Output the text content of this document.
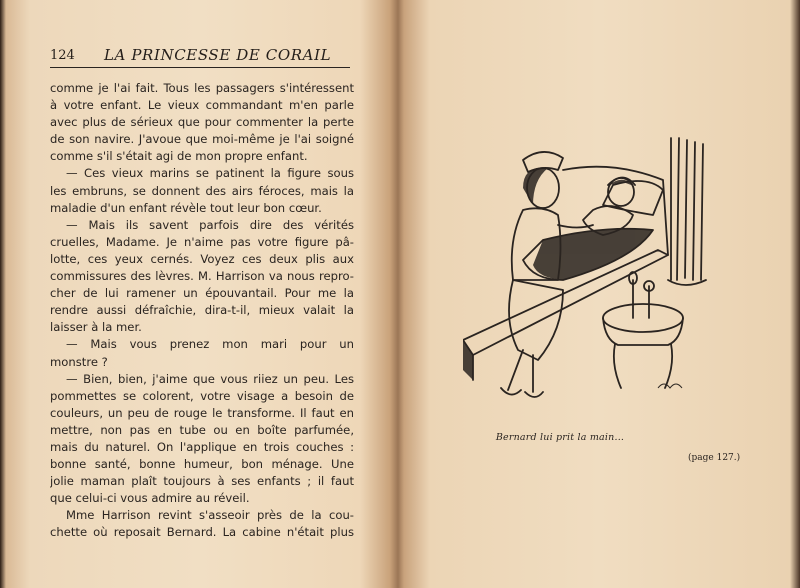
124 LA PRINCESSE DE CORAIL
comme je l'ai fait. Tous les passagers s'intéressent
à votre enfant. Le vieux commandant m'en parle
avec plus de sérieux que pour commenter la perte
de son navire. J'avoue que moi-même je l'ai soigné
comme s'il s'était agi de mon propre enfant.
— Ces vieux marins se patinent la figure sous
les embruns, se donnent des airs féroces, mais la
maladie d'un enfant révèle tout leur bon cœur.
— Mais ils savent parfois dire des vérités
cruelles, Madame. Je n'aime pas votre figure pâ-
lotte, ces yeux cernés. Voyez ces deux plis aux
commissures des lèvres. M. Harrison va nous repro-
cher de lui ramener un épouvantail. Pour me la
rendre aussi défraîchie, dira-t-il, mieux valait la
laisser à la mer.
— Mais vous prenez mon mari pour un
monstre ?
— Bien, bien, j'aime que vous riiez un peu. Les
pommettes se colorent, votre visage a besoin de
couleurs, un peu de rouge le transforme. Il faut en
mettre, non pas en tube ou en boîte parfumée,
mais du naturel. On l'applique en trois couches :
bonne santé, bonne humeur, bon ménage. Une
jolie maman plaît toujours à ses enfants ; il faut
que celui-ci vous admire au réveil.
Mme Harrison revint s'asseoir près de la cou-
chette où reposait Bernard. La cabine n'était plus
Bernard lui prit la main...
(page 127.)
